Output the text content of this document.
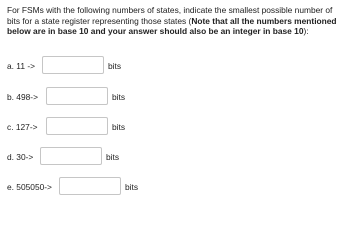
For FSMs with the following numbers of states, indicate the smallest possible number of bits for a state register representing those states (Note that all the numbers mentioned below are in base 10 and your answer should also be an integer in base 10):

a. 11 ->	bits
b. 498->	bits
c. 127->	bits
d. 30->	bits
e. 505050->	bits
